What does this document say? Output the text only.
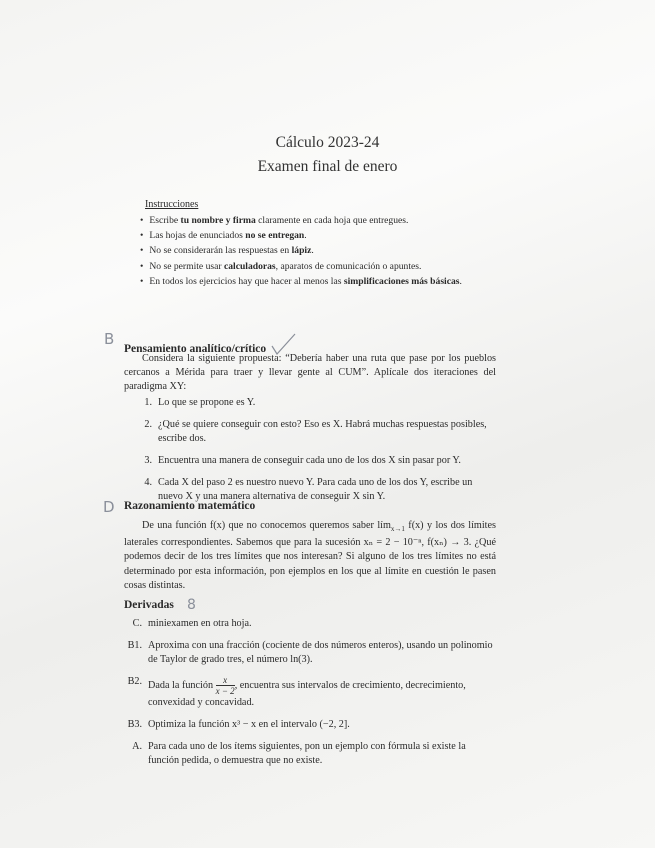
Cálculo 2023-24
Examen final de enero
Instrucciones
• Escribe tu nombre y firma claramente en cada hoja que entregues.
• Las hojas de enunciados no se entregan.
• No se considerarán las respuestas en lápiz.
• No se permite usar calculadoras, aparatos de comunicación o apuntes.
• En todos los ejercicios hay que hacer al menos las simplificaciones más básicas.
B
Pensamiento analítico/crítico
Considera la siguiente propuesta: “Debería haber una ruta que pase por los pueblos cercanos a Mérida para traer y llevar gente al CUM”. Aplícale dos iteraciones del paradigma XY:
1. Lo que se propone es Y.
2. ¿Qué se quiere conseguir con esto? Eso es X. Habrá muchas respuestas posibles, escribe dos.
3. Encuentra una manera de conseguir cada uno de los dos X sin pasar por Y.
4. Cada X del paso 2 es nuestro nuevo Y. Para cada uno de los dos Y, escribe un nuevo X y una manera alternativa de conseguir X sin Y.
D Razonamiento matemático
De una función f(x) que no conocemos queremos saber lím$_{x\to 1}$ f(x) y los dos límites laterales correspondientes. Sabemos que para la sucesión xₙ = 2 − 10⁻ⁿ, f(xₙ) → 3. ¿Qué podemos decir de los tres límites que nos interesan? Si alguno de los tres límites no está determinado por esta información, pon ejemplos en los que al límite en cuestión le pasen cosas distintas.
Derivadas 8
C. miniexamen en otra hoja.
B1. Aproxima con una fracción (cociente de dos números enteros), usando un polinomio de Taylor de grado tres, el número ln(3).
B2. Dada la función $\frac{x}{x - 2}$ , encuentra sus intervalos de crecimiento, decrecimiento, convexidad y concavidad.
B3. Optimiza la función x³ − x en el intervalo (−2, 2].
A. Para cada uno de los ítems siguientes, pon un ejemplo con fórmula si existe la función pedida, o demuestra que no existe.
